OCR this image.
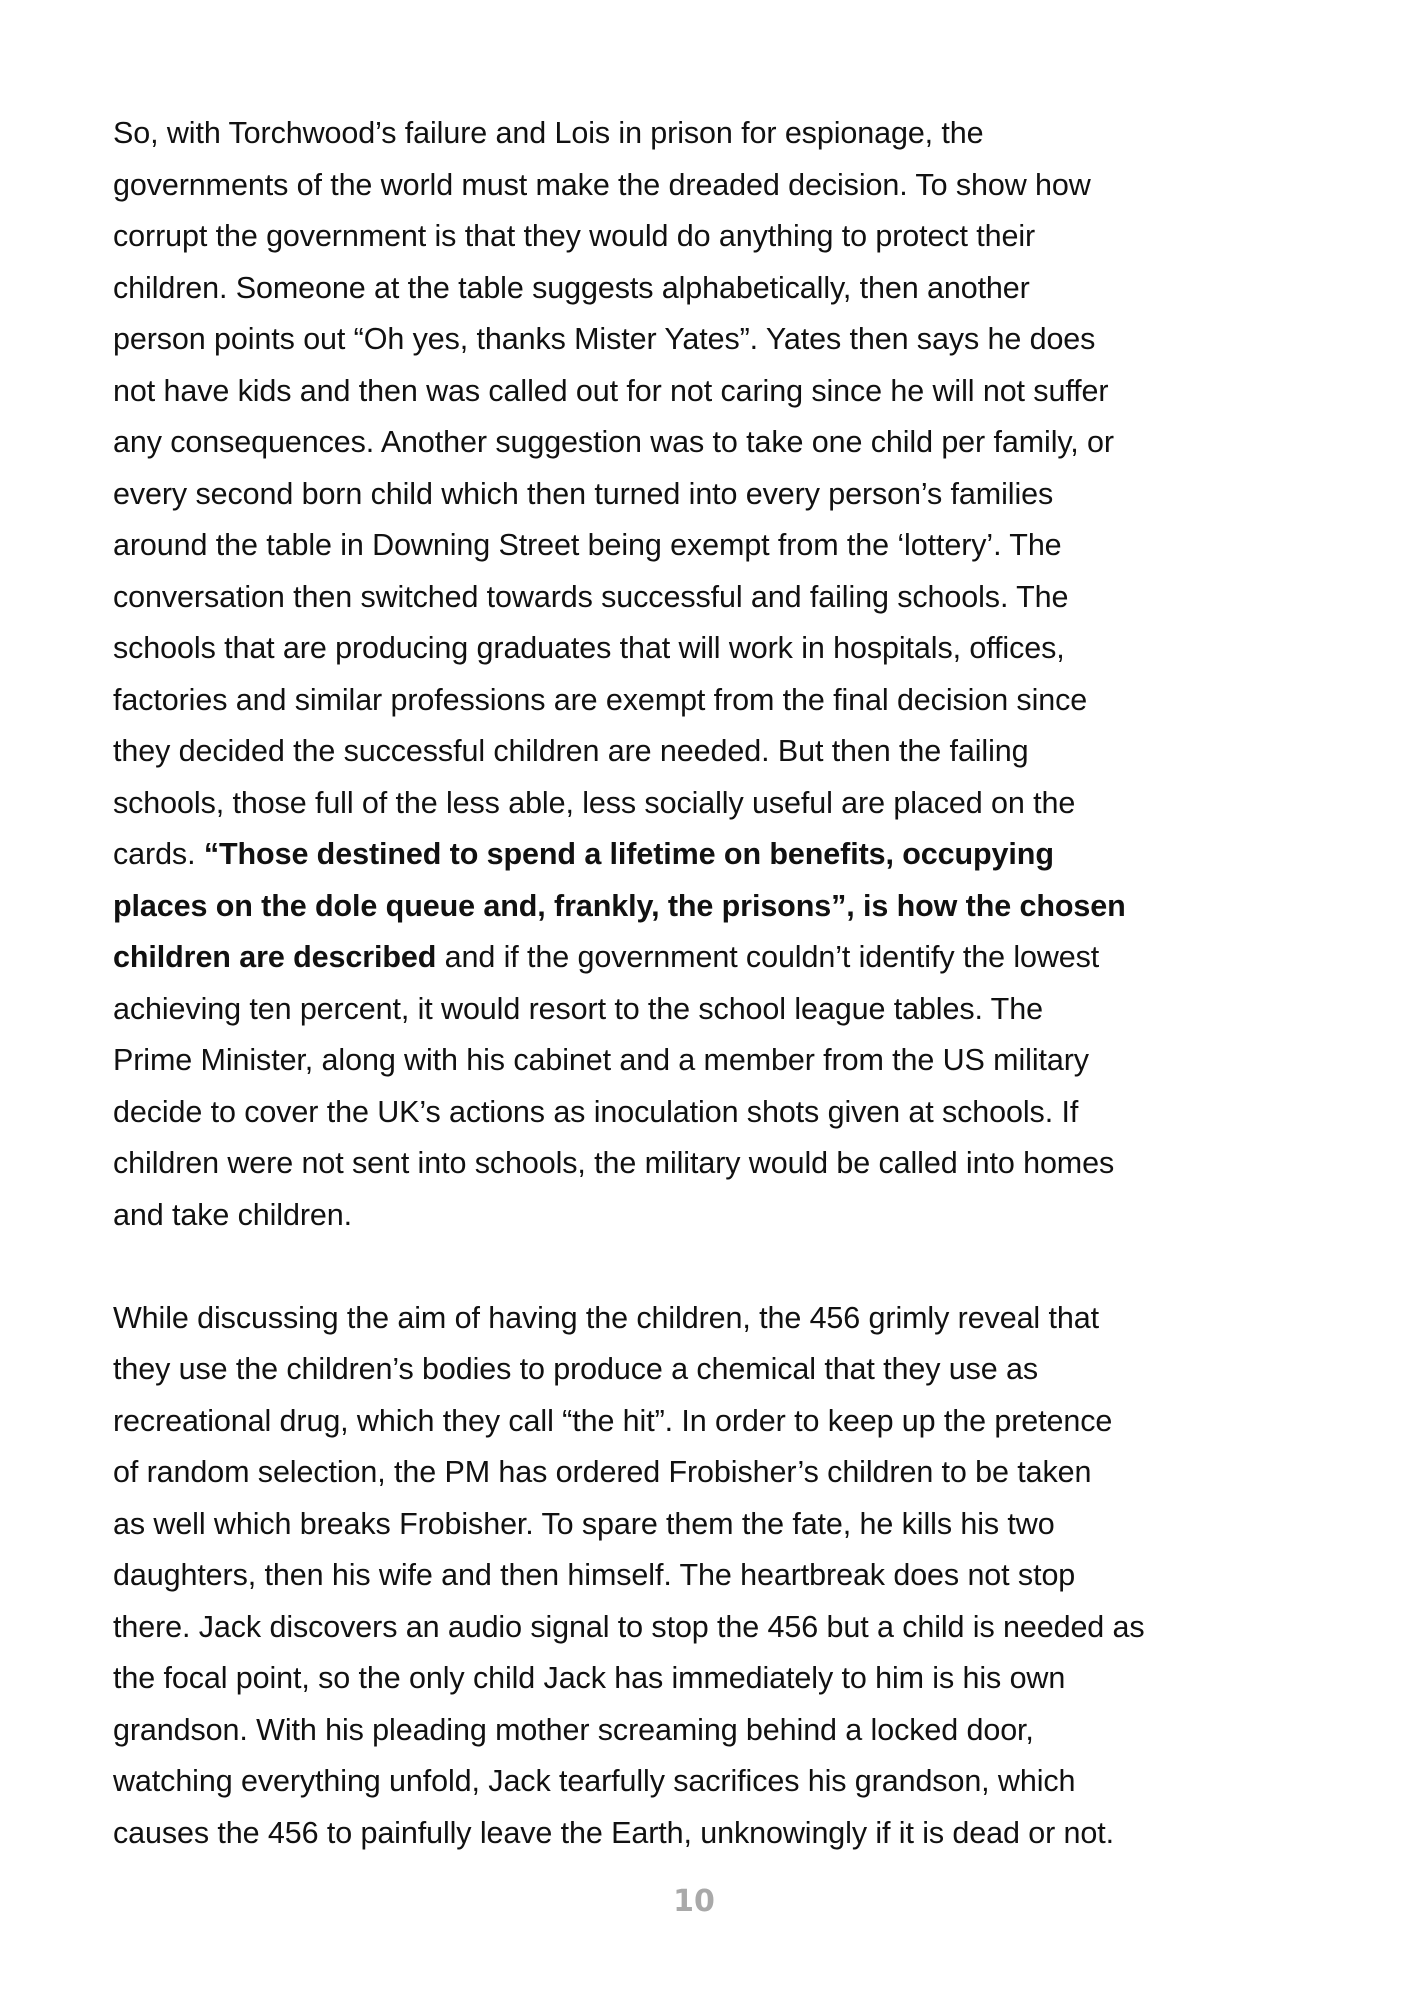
So, with Torchwood’s failure and Lois in prison for espionage, the
governments of the world must make the dreaded decision. To show how
corrupt the government is that they would do anything to protect their
children. Someone at the table suggests alphabetically, then another
person points out “Oh yes, thanks Mister Yates”. Yates then says he does
not have kids and then was called out for not caring since he will not suffer
any consequences. Another suggestion was to take one child per family, or
every second born child which then turned into every person’s families
around the table in Downing Street being exempt from the ‘lottery’. The
conversation then switched towards successful and failing schools. The
schools that are producing graduates that will work in hospitals, offices,
factories and similar professions are exempt from the final decision since
they decided the successful children are needed. But then the failing
schools, those full of the less able, less socially useful are placed on the
cards. “Those destined to spend a lifetime on benefits, occupying
places on the dole queue and, frankly, the prisons”, is how the chosen
children are described and if the government couldn’t identify the lowest
achieving ten percent, it would resort to the school league tables. The
Prime Minister, along with his cabinet and a member from the US military
decide to cover the UK’s actions as inoculation shots given at schools. If
children were not sent into schools, the military would be called into homes
and take children.
While discussing the aim of having the children, the 456 grimly reveal that
they use the children’s bodies to produce a chemical that they use as
recreational drug, which they call “the hit”. In order to keep up the pretence
of random selection, the PM has ordered Frobisher’s children to be taken
as well which breaks Frobisher. To spare them the fate, he kills his two
daughters, then his wife and then himself. The heartbreak does not stop
there. Jack discovers an audio signal to stop the 456 but a child is needed as
the focal point, so the only child Jack has immediately to him is his own
grandson. With his pleading mother screaming behind a locked door,
watching everything unfold, Jack tearfully sacrifices his grandson, which
causes the 456 to painfully leave the Earth, unknowingly if it is dead or not.
10
